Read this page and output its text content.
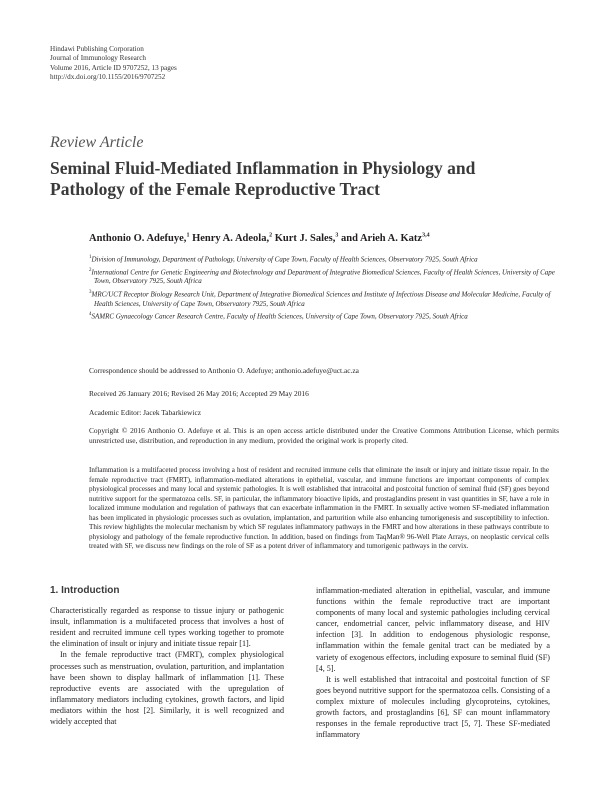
Hindawi Publishing Corporation
Journal of Immunology Research
Volume 2016, Article ID 9707252, 13 pages
http://dx.doi.org/10.1155/2016/9707252
Review Article
Seminal Fluid-Mediated Inflammation in Physiology and
Pathology of the Female Reproductive Tract
Anthonio O. Adefuye,$^1$ Henry A. Adeola,$^2$ Kurt J. Sales,$^3$ and Arieh A. Katz$^{3,4}$
$^1$Division of Immunology, Department of Pathology, University of Cape Town, Faculty of Health Sciences, Observatory 7925, South Africa
$^2$International Centre for Genetic Engineering and Biotechnology and Department of Integrative Biomedical Sciences, Faculty of Health Sciences, University of Cape Town, Observatory 7925, South Africa
$^3$MRC/UCT Receptor Biology Research Unit, Department of Integrative Biomedical Sciences and Institute of Infectious Disease and Molecular Medicine, Faculty of Health Sciences, University of Cape Town, Observatory 7925, South Africa
$^4$SAMRC Gynaecology Cancer Research Centre, Faculty of Health Sciences, University of Cape Town, Observatory 7925, South Africa
Correspondence should be addressed to Anthonio O. Adefuye; anthonio.adefuye@uct.ac.za
Received 26 January 2016; Revised 26 May 2016; Accepted 29 May 2016
Academic Editor: Jacek Tabarkiewicz
Copyright © 2016 Anthonio O. Adefuye et al. This is an open access article distributed under the Creative Commons Attribution License, which permits unrestricted use, distribution, and reproduction in any medium, provided the original work is properly cited.
Inflammation is a multifaceted process involving a host of resident and recruited immune cells that eliminate the insult or injury and initiate tissue repair. In the female reproductive tract (FMRT), inflammation-mediated alterations in epithelial, vascular, and immune functions are important components of complex physiological processes and many local and systemic pathologies. It is well established that intracoital and postcoital function of seminal fluid (SF) goes beyond nutritive support for the spermatozoa cells. SF, in particular, the inflammatory bioactive lipids, and prostaglandins present in vast quantities in SF, have a role in localized immune modulation and regulation of pathways that can exacerbate inflammation in the FMRT. In sexually active women SF-mediated inflammation has been implicated in physiologic processes such as ovulation, implantation, and parturition while also enhancing tumorigenesis and susceptibility to infection. This review highlights the molecular mechanism by which SF regulates inflammatory pathways in the FMRT and how alterations in these pathways contribute to physiology and pathology of the female reproductive function. In addition, based on findings from TaqMan® 96-Well Plate Arrays, on neoplastic cervical cells treated with SF, we discuss new findings on the role of SF as a potent driver of inflammatory and tumorigenic pathways in the cervix.
1. Introduction

Characteristically regarded as response to tissue injury or pathogenic insult, inflammation is a multifaceted process that involves a host of resident and recruited immune cell types working together to promote the elimination of insult or injury and initiate tissue repair [1].

In the female reproductive tract (FMRT), complex physiological processes such as menstruation, ovulation, parturition, and implantation have been shown to display hallmark of inflammation [1]. These reproductive events are associated with the upregulation of inflammatory mediators including cytokines, growth factors, and lipid mediators within the host [2]. Similarly, it is well recognized and widely accepted that

inflammation-mediated alteration in epithelial, vascular, and immune functions within the female reproductive tract are important components of many local and systemic pathologies including cervical cancer, endometrial cancer, pelvic inflammatory disease, and HIV infection [3]. In addition to endogenous physiologic response, inflammation within the female genital tract can be mediated by a variety of exogenous effectors, including exposure to seminal fluid (SF) [4, 5].

It is well established that intracoital and postcoital function of SF goes beyond nutritive support for the spermatozoa cells. Consisting of a complex mixture of molecules including glycoproteins, cytokines, growth factors, and prostaglandins [6], SF can mount inflammatory responses in the female reproductive tract [5, 7]. These SF-mediated inflammatory
